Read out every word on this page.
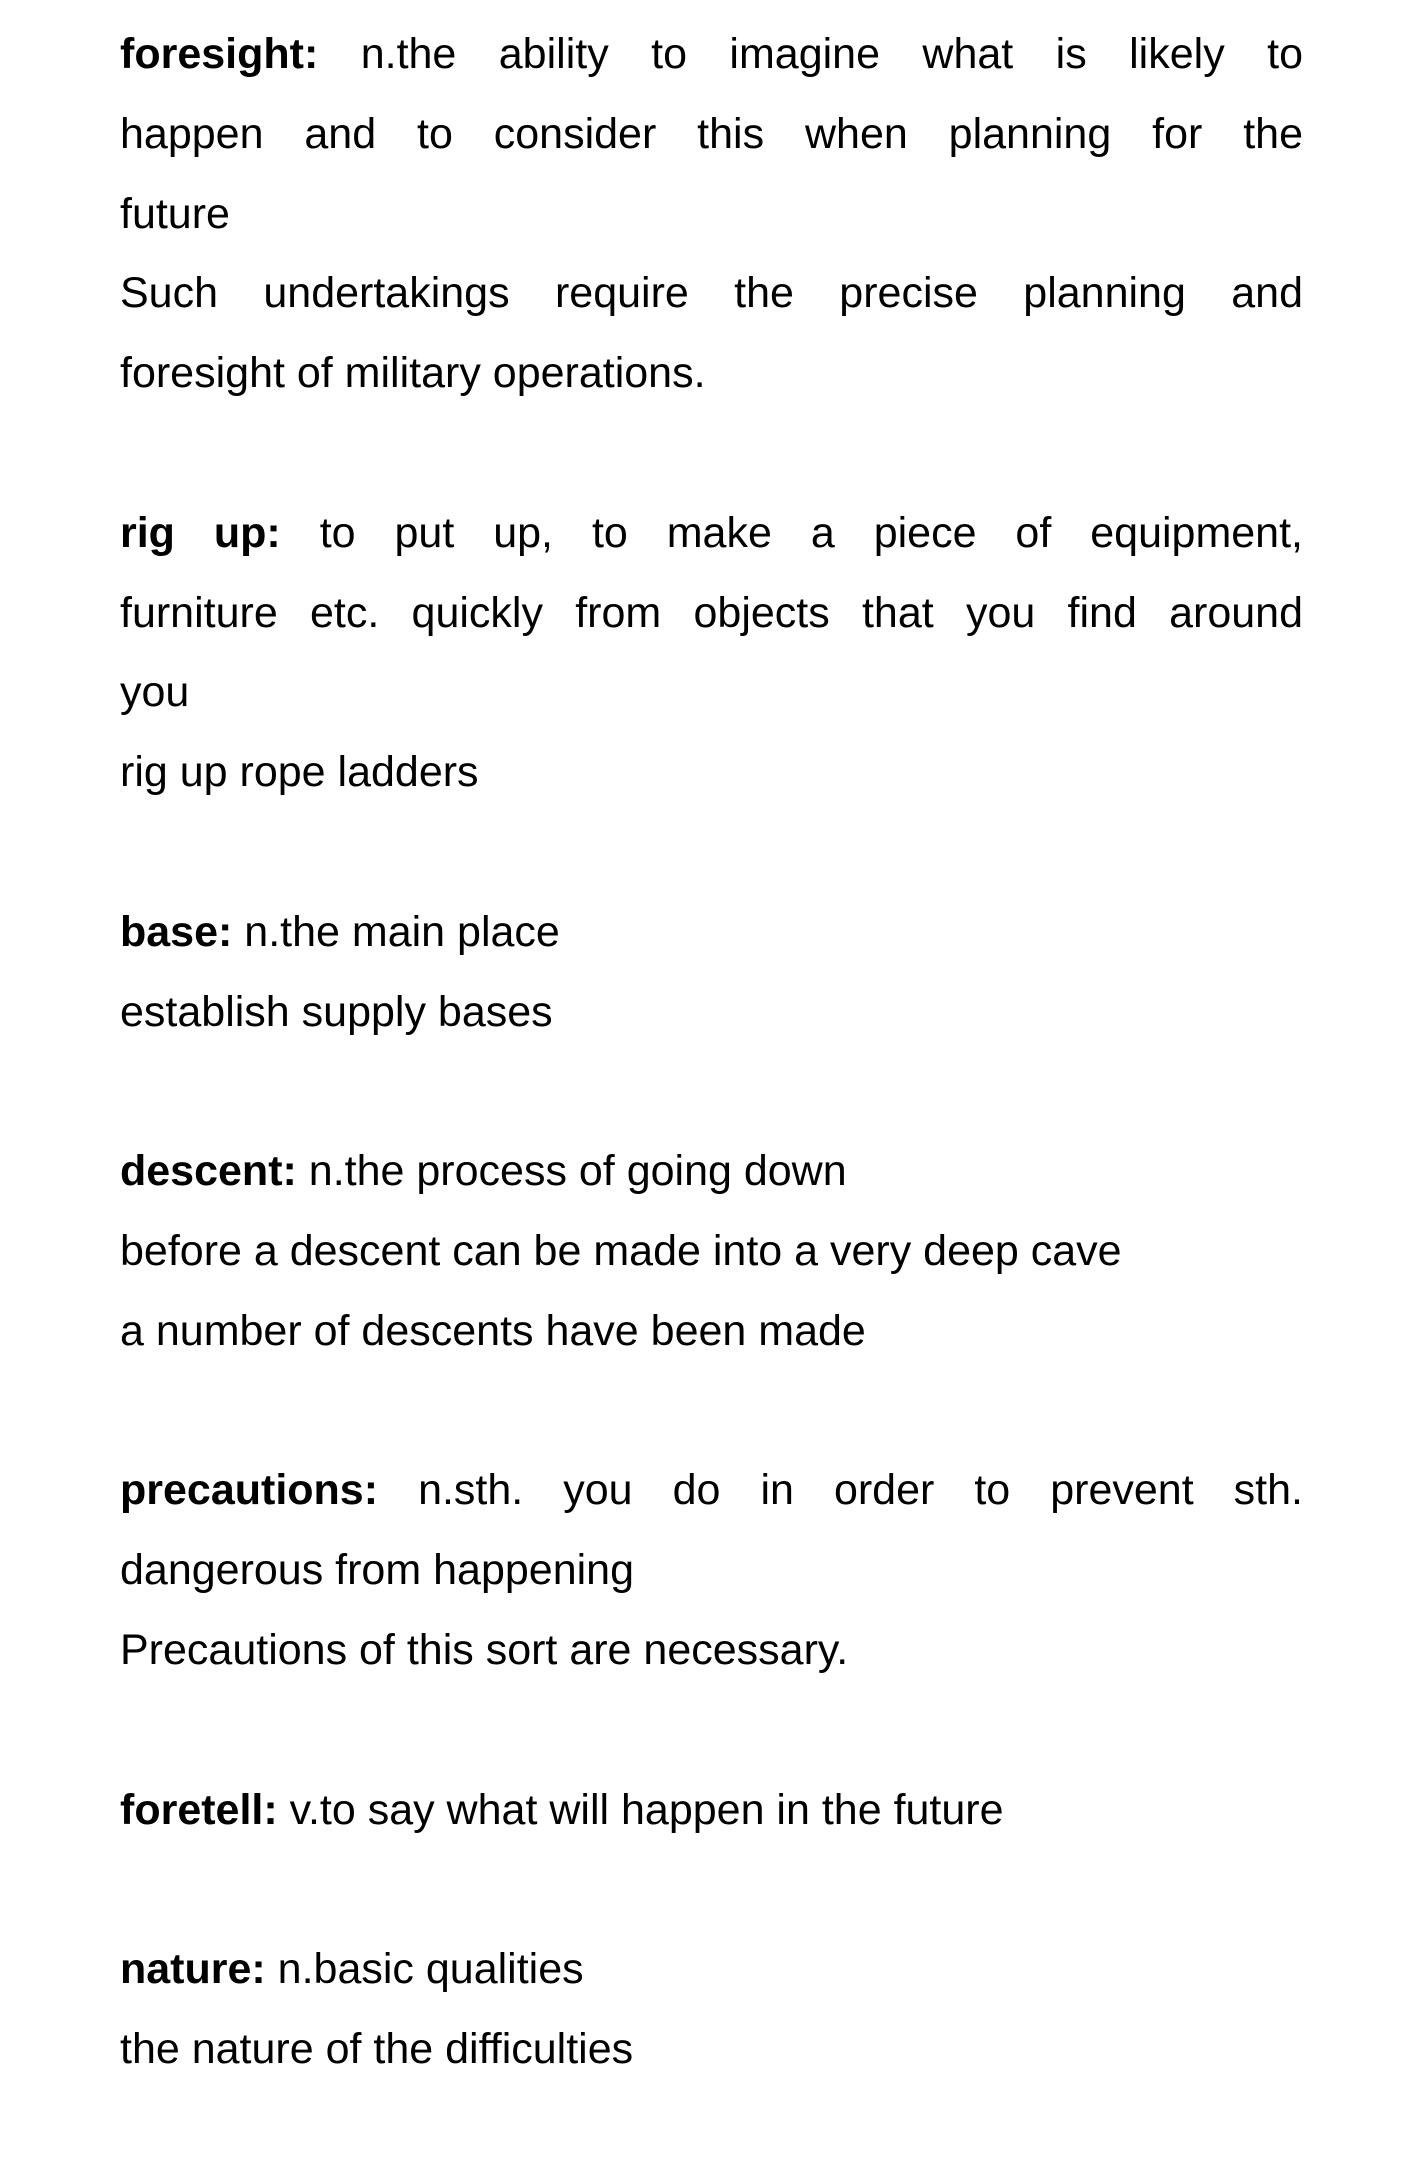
foresight: n.the ability to imagine what is likely to
happen and to consider this when planning for the
future
Such undertakings require the precise planning and
foresight of military operations.
rig up: to put up, to make a piece of equipment,
furniture etc. quickly from objects that you find around
you
rig up rope ladders
base: n.the main place
establish supply bases
descent: n.the process of going down
before a descent can be made into a very deep cave
a number of descents have been made
precautions: n.sth. you do in order to prevent sth.
dangerous from happening
Precautions of this sort are necessary.
foretell: v.to say what will happen in the future
nature: n.basic qualities
the nature of the difficulties
